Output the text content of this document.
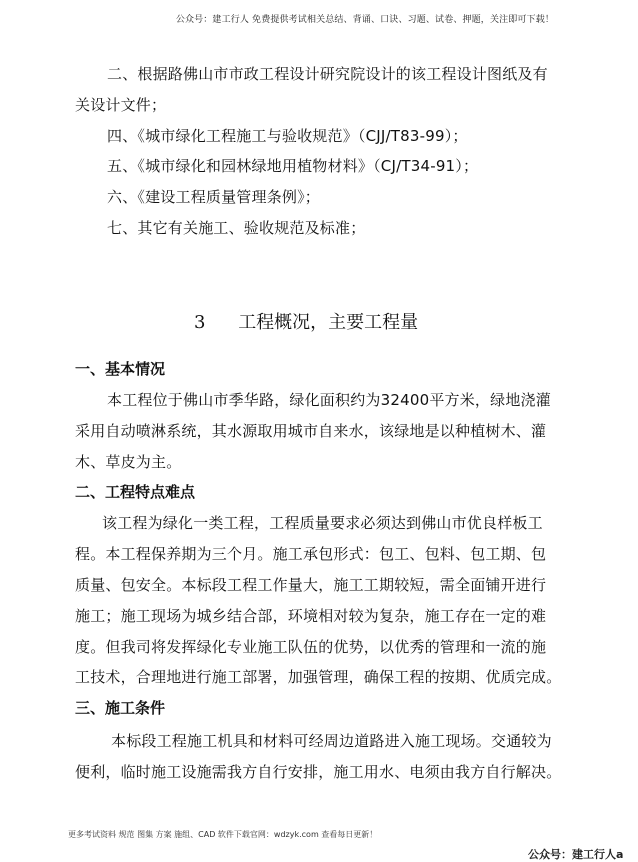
公众号：建工行人 免费提供考试相关总结、背诵、口诀、习题、试卷、押题，关注即可下载！
二、根据路佛山市市政工程设计研究院设计的该工程设计图纸及有
关设计文件；
四、《城市绿化工程施工与验收规范》（CJJ/T83-99）；
五、《城市绿化和园林绿地用植物材料》（CJ/T34-91）；
六、《建设工程质量管理条例》；
七、其它有关施工、验收规范及标准；
3 工程概况，主要工程量
一、基本情况
本工程位于佛山市季华路，绿化面积约为32400平方米，绿地浇灌
采用自动喷淋系统，其水源取用城市自来水，该绿地是以种植树木、灌
木、草皮为主。
二、工程特点难点
该工程为绿化一类工程，工程质量要求必须达到佛山市优良样板工
程。本工程保养期为三个月。施工承包形式：包工、包料、包工期、包
质量、包安全。本标段工程工作量大，施工工期较短，需全面铺开进行
施工；施工现场为城乡结合部，环境相对较为复杂，施工存在一定的难
度。但我司将发挥绿化专业施工队伍的优势，以优秀的管理和一流的施
工技术，合理地进行施工部署，加强管理，确保工程的按期、优质完成。
三、施工条件
本标段工程施工机具和材料可经周边道路进入施工现场。交通较为
便利，临时施工设施需我方自行安排，施工用水、电须由我方自行解决。
更多考试资料 规范 图集 方案 施组、CAD 软件下载官网：wdzyk.com 查看每日更新！
公众号：建工行人a
